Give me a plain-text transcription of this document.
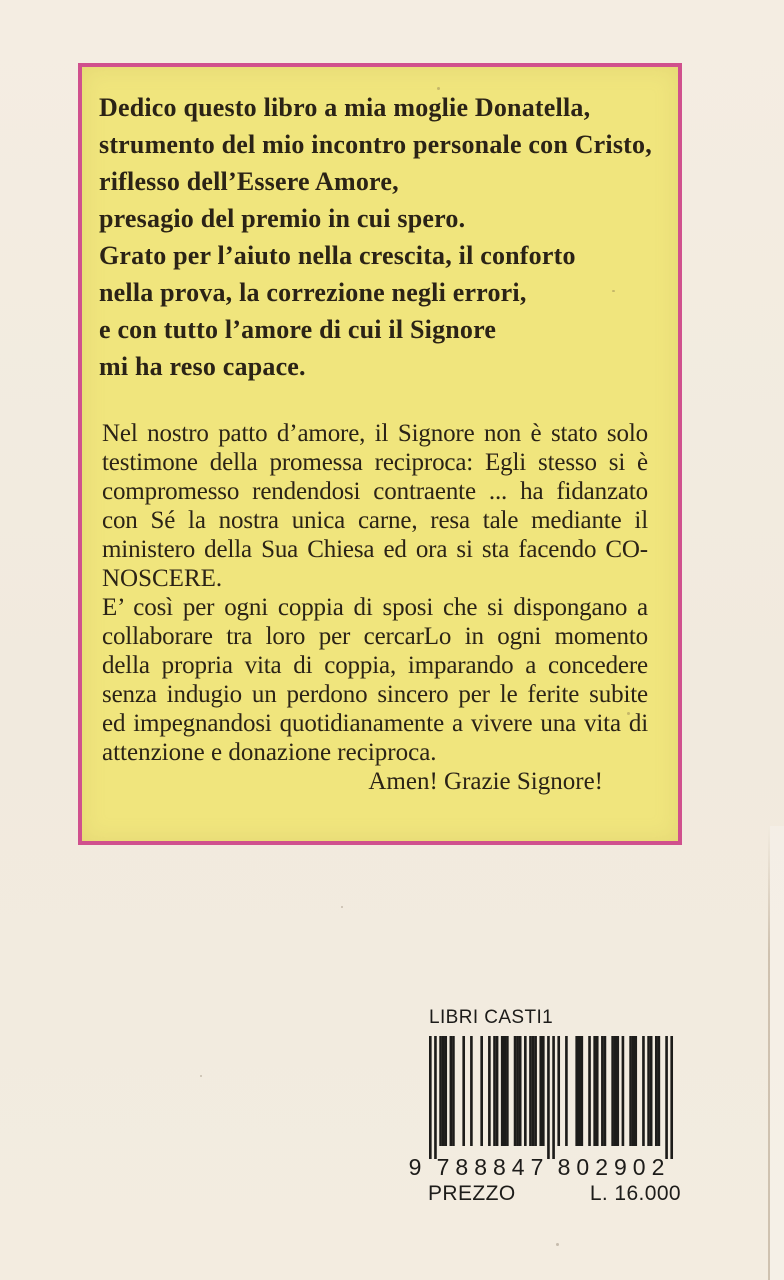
Dedico questo libro a mia moglie Donatella,
strumento del mio incontro personale con Cristo,
riflesso dell’Essere Amore,
presagio del premio in cui spero.
Grato per l’aiuto nella crescita, il conforto
nella prova, la correzione negli errori,
e con tutto l’amore di cui il Signore
mi ha reso capace.
Nel nostro patto d’amore, il Signore non è stato solo
testimone della promessa reciproca: Egli stesso si è
compromesso rendendosi contraente ... ha fidanzato
con Sé la nostra unica carne, resa tale mediante il
ministero della Sua Chiesa ed ora si sta facendo CO-
NOSCERE.
E’ così per ogni coppia di sposi che si dispongano a
collaborare tra loro per cercarLo in ogni momento
della propria vita di coppia, imparando a concedere
senza indugio un perdono sincero per le ferite subite
ed impegnandosi quotidianamente a vivere una vita di
attenzione e donazione reciproca.
Amen! Grazie Signore!
LIBRI CASTI1
9 788847 802902
PREZZO	L. 16.000
